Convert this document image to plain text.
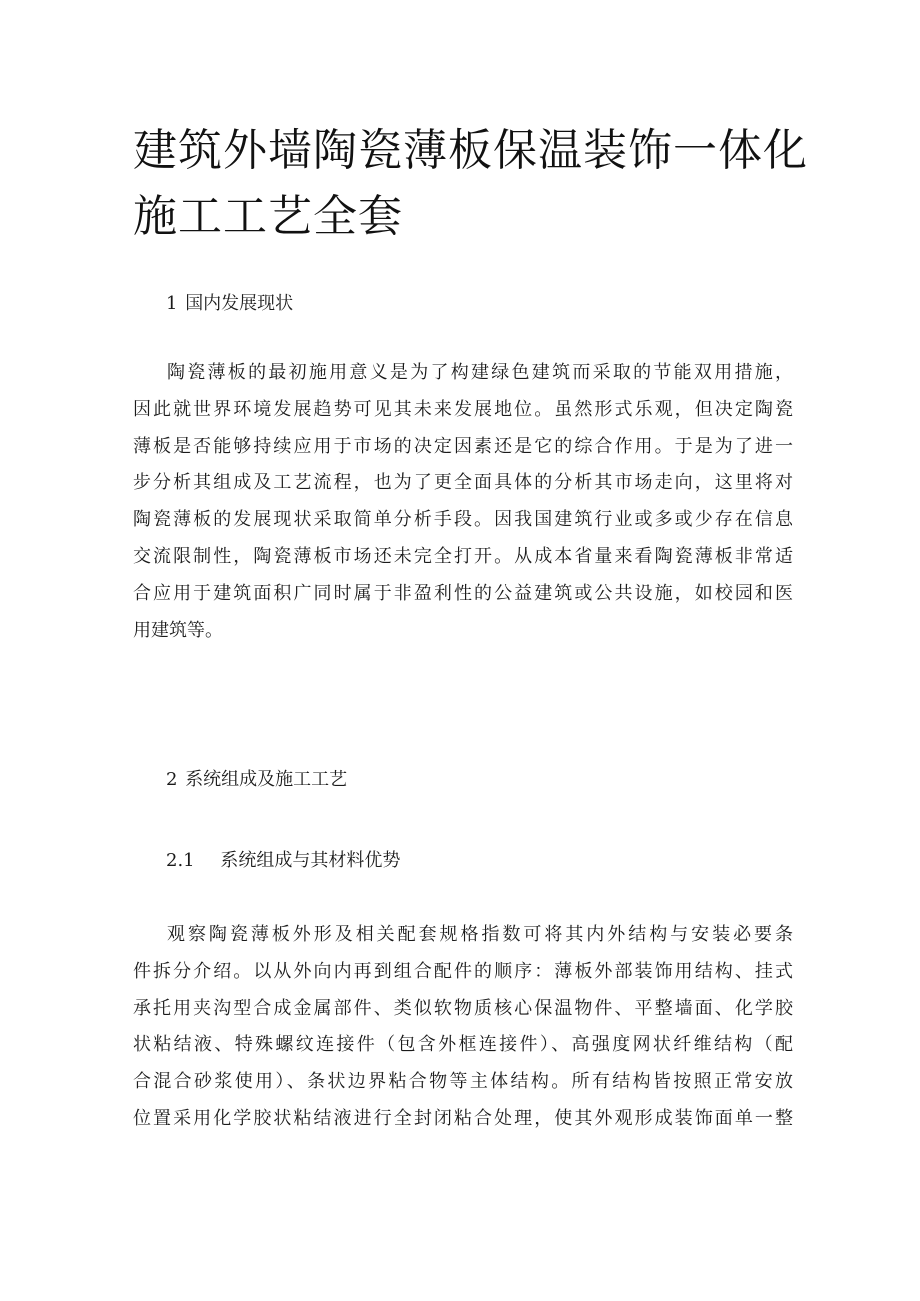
建筑外墙陶瓷薄板保温装饰一体化
施工工艺全套
1 国内发展现状
陶瓷薄板的最初施用意义是为了构建绿色建筑而采取的节能双用措施，
因此就世界环境发展趋势可见其未来发展地位。虽然形式乐观，但决定陶瓷
薄板是否能够持续应用于市场的决定因素还是它的综合作用。于是为了进一
步分析其组成及工艺流程，也为了更全面具体的分析其市场走向，这里将对
陶瓷薄板的发展现状采取简单分析手段。因我国建筑行业或多或少存在信息
交流限制性，陶瓷薄板市场还未完全打开。从成本省量来看陶瓷薄板非常适
合应用于建筑面积广同时属于非盈利性的公益建筑或公共设施，如校园和医
用建筑等。
2 系统组成及施工工艺
2.1 系统组成与其材料优势
观察陶瓷薄板外形及相关配套规格指数可将其内外结构与安装必要条
件拆分介绍。以从外向内再到组合配件的顺序：薄板外部装饰用结构、挂式
承托用夹沟型合成金属部件、类似软物质核心保温物件、平整墙面、化学胶
状粘结液、特殊螺纹连接件（包含外框连接件）、高强度网状纤维结构（配
合混合砂浆使用）、条状边界粘合物等主体结构。所有结构皆按照正常安放
位置采用化学胶状粘结液进行全封闭粘合处理，使其外观形成装饰面单一整
